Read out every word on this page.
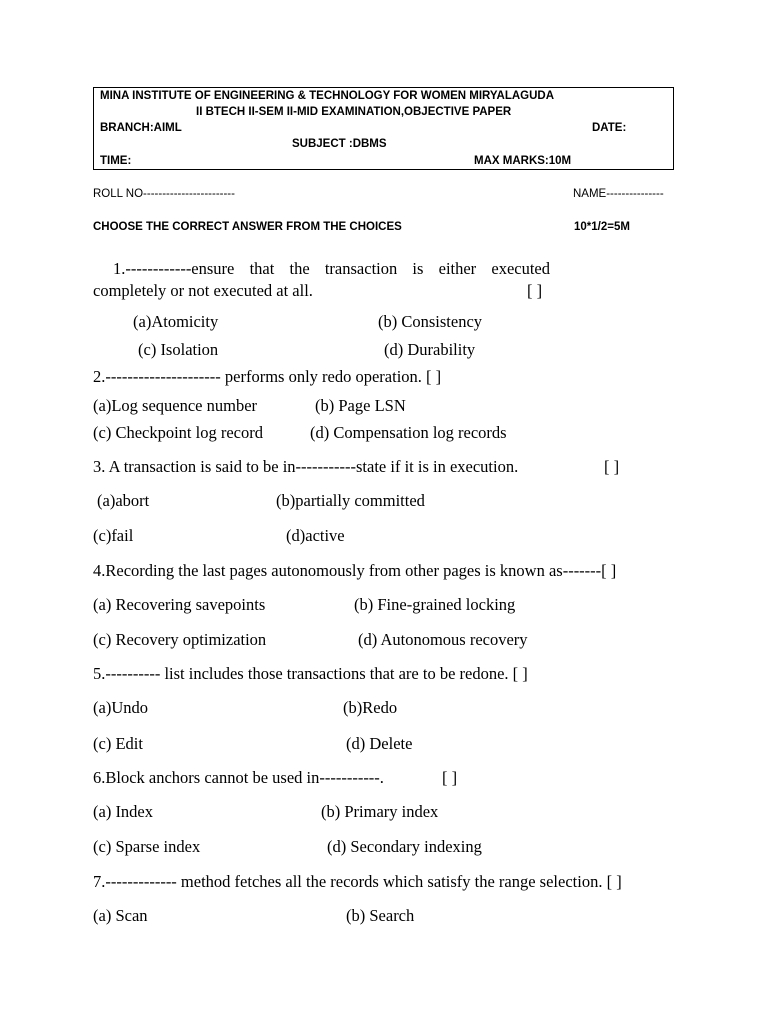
MINA INSTITUTE OF ENGINEERING & TECHNOLOGY FOR WOMEN MIRYALAGUDA
II BTECH II-SEM II-MID EXAMINATION,OBJECTIVE PAPER
BRANCH:AIML	DATE:
SUBJECT :DBMS
TIME:	MAX MARKS:10M
ROLL NO------------------------	NAME---------------
CHOOSE THE CORRECT ANSWER FROM THE CHOICES	10*1/2=5M
1.------------ensure that the transaction is either executed
completely or not executed at all.	[ ]
(a)Atomicity	(b) Consistency
(c) Isolation	(d) Durability
2.--------------------- performs only redo operation. [ ]
(a)Log sequence number	(b) Page LSN
(c) Checkpoint log record	(d) Compensation log records
3. A transaction is said to be in-----------state if it is in execution.	[ ]
(a)abort	(b)partially committed
(c)fail	(d)active
4.Recording the last pages autonomously from other pages is known as-------[ ]
(a) Recovering savepoints	(b) Fine-grained locking
(c) Recovery optimization	(d) Autonomous recovery
5.---------- list includes those transactions that are to be redone. [ ]
(a)Undo	(b)Redo
(c) Edit	(d) Delete
6.Block anchors cannot be used in-----------.	[ ]
(a) Index	(b) Primary index
(c) Sparse index	(d) Secondary indexing
7.------------- method fetches all the records which satisfy the range selection. [ ]
(a) Scan	(b) Search
